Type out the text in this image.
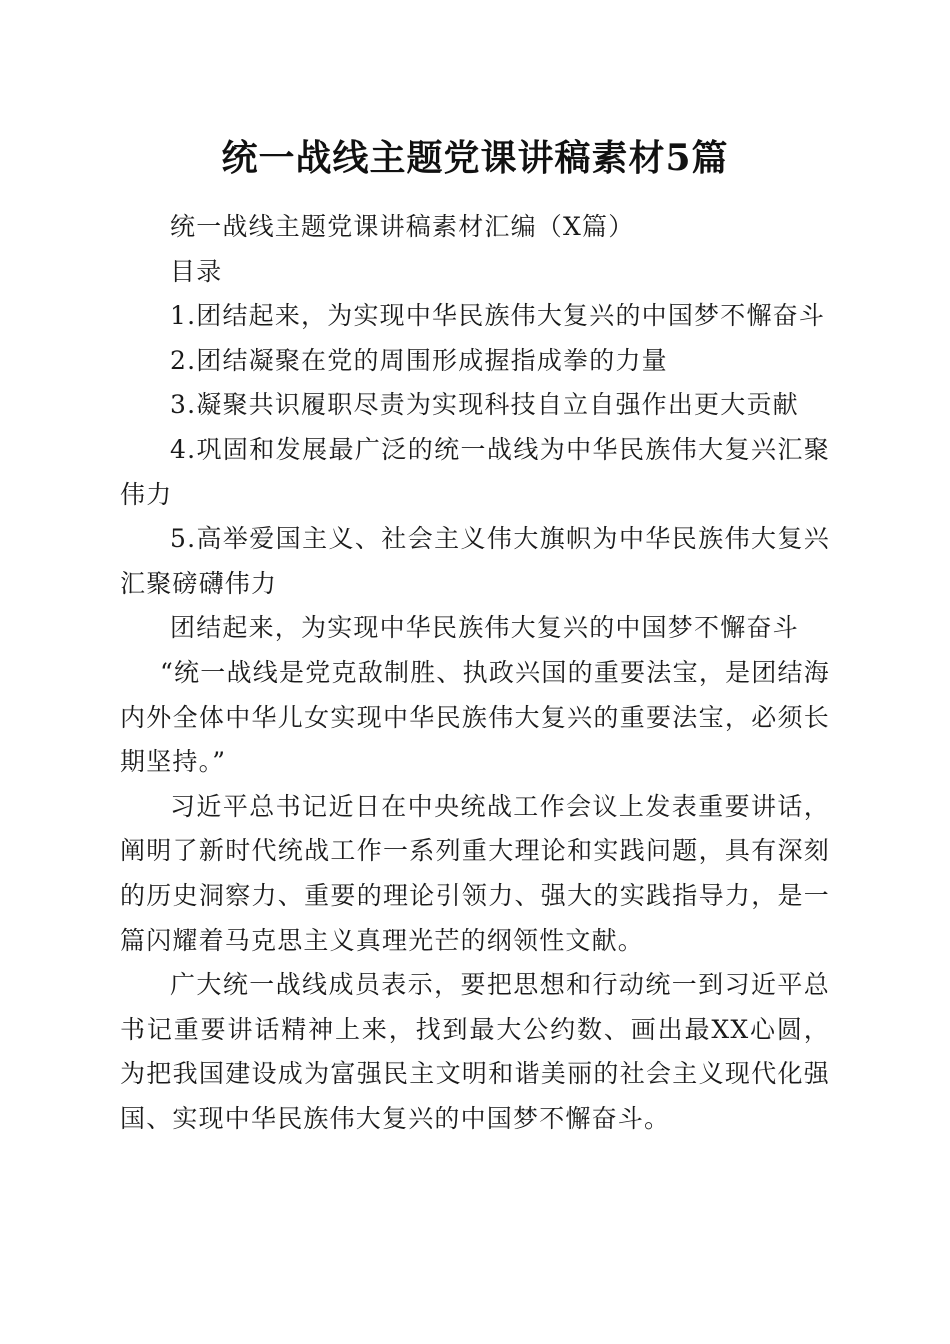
统一战线主题党课讲稿素材5篇

统一战线主题党课讲稿素材汇编（X篇）

目录

1.团结起来，为实现中华民族伟大复兴的中国梦不懈奋斗

2.团结凝聚在党的周围形成握指成拳的力量

3.凝聚共识履职尽责为实现科技自立自强作出更大贡献

4.巩固和发展最广泛的统一战线为中华民族伟大复兴汇聚伟力

5.高举爱国主义、社会主义伟大旗帜为中华民族伟大复兴汇聚磅礴伟力

团结起来，为实现中华民族伟大复兴的中国梦不懈奋斗

“统一战线是党克敌制胜、执政兴国的重要法宝，是团结海内外全体中华儿女实现中华民族伟大复兴的重要法宝，必须长期坚持。”

习近平总书记近日在中央统战工作会议上发表重要讲话，阐明了新时代统战工作一系列重大理论和实践问题，具有深刻的历史洞察力、重要的理论引领力、强大的实践指导力，是一篇闪耀着马克思主义真理光芒的纲领性文献。

广大统一战线成员表示，要把思想和行动统一到习近平总书记重要讲话精神上来，找到最大公约数、画出最XX心圆，为把我国建设成为富强民主文明和谐美丽的社会主义现代化强国、实现中华民族伟大复兴的中国梦不懈奋斗。
